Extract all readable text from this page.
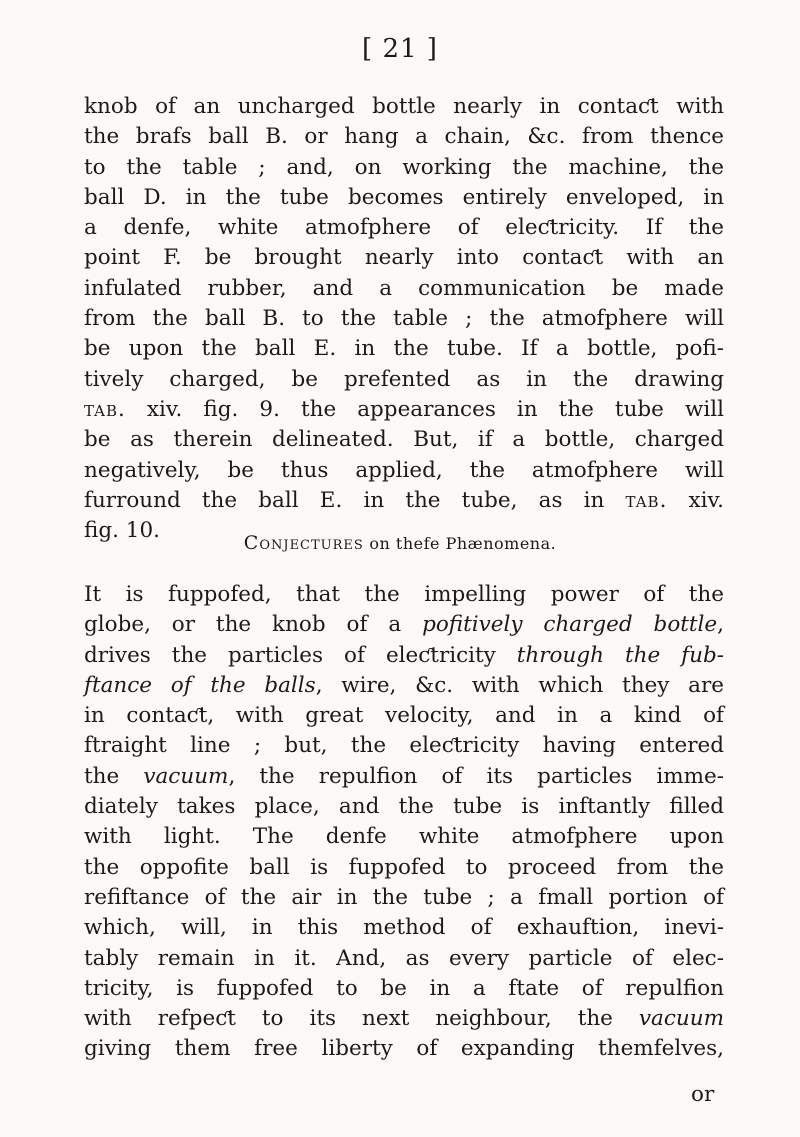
[ 21 ]
knob of an uncharged bottle nearly in contaƈt with
the brafs ball B. or hang a chain, &c. from thence
to the table ; and, on working the machine, the
ball D. in the tube becomes entirely enveloped, in
a denfe, white atmofphere of eleƈtricity. If the
point F. be brought nearly into contaƈt with an
infulated rubber, and a communication be made
from the ball B. to the table ; the atmofphere will
be upon the ball E. in the tube. If a bottle, pofi-
tively charged, be prefented as in the drawing
tab. xiv. fig. 9. the appearances in the tube will
be as therein delineated. But, if a bottle, charged
negatively, be thus applied, the atmofphere will
furround the ball E. in the tube, as in tab. xiv.
fig. 10.	Conjectures on thefe Phænomena.
It is fuppofed, that the impelling power of the
globe, or the knob of a pofitively charged bottle,
drives the particles of eleƈtricity through the fub-
ftance of the balls, wire, &c. with which they are
in contaƈt, with great velocity, and in a kind of
ftraight line ; but, the eleƈtricity having entered
the vacuum, the repulfion of its particles imme-
diately takes place, and the tube is inftantly filled
with light. The denfe white atmofphere upon
the oppofite ball is fuppofed to proceed from the
refiftance of the air in the tube ; a fmall portion of
which, will, in this method of exhauftion, inevi-
tably remain in it. And, as every particle of elec-
tricity, is fuppofed to be in a ftate of repulfion
with refpeƈt to its next neighbour, the vacuum
giving them free liberty of expanding themfelves,
or
